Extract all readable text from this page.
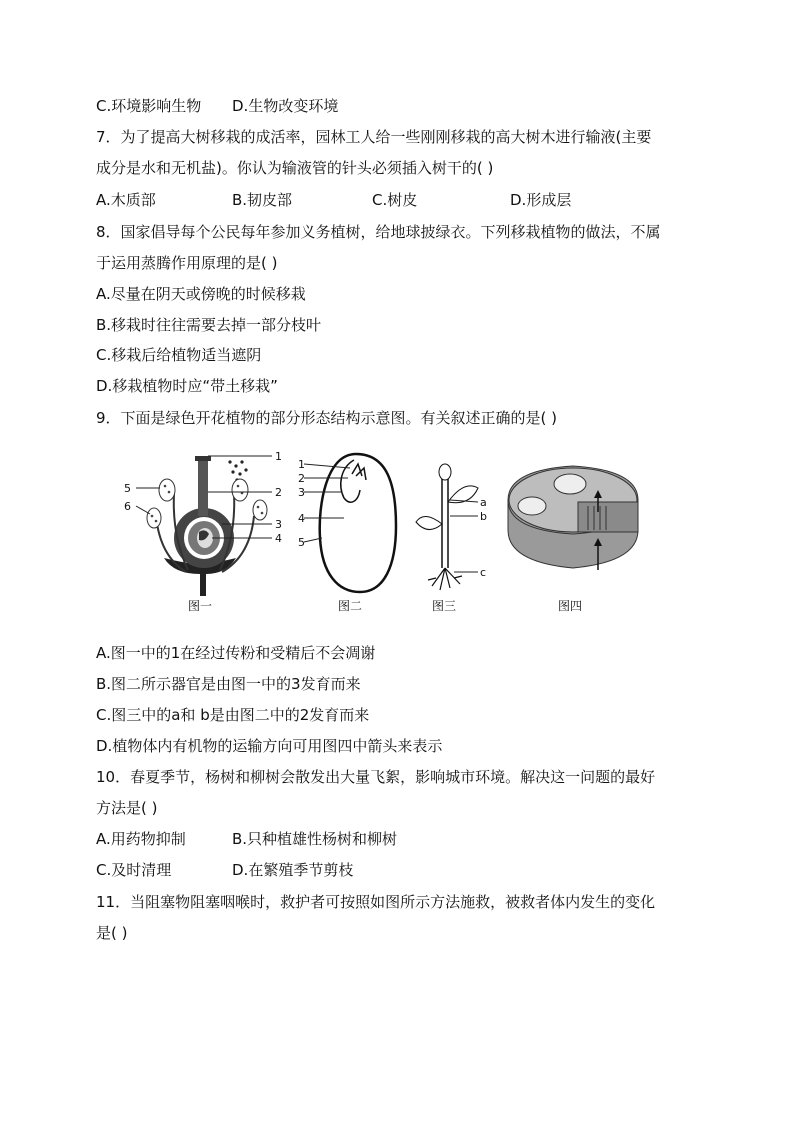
C.环境影响生物 D.生物改变环境
7．为了提高大树移栽的成活率，园林工人给一些刚刚移栽的高大树木进行输液(主要
成分是水和无机盐)。你认为输液管的针头必须插入树干的( )
A.木质部	B.韧皮部	C.树皮	D.形成层
8．国家倡导每个公民每年参加义务植树，给地球披绿衣。下列移栽植物的做法，不属
于运用蒸腾作用原理的是( )
A.尽量在阴天或傍晚的时候移栽
B.移栽时往往需要去掉一部分枝叶
C.移栽后给植物适当遮阴
D.移栽植物时应“带土移栽”
9．下面是绿色开花植物的部分形态结构示意图。有关叙述正确的是( )
1
2
3
4
5
6
图一
1
2
3
4
5
图二
a
b
c
图三	图四
A.图一中的1在经过传粉和受精后不会凋谢
B.图二所示器官是由图一中的3发育而来
C.图三中的a和 b是由图二中的2发育而来
D.植物体内有机物的运输方向可用图四中箭头来表示
10．春夏季节，杨树和柳树会散发出大量飞絮，影响城市环境。解决这一问题的最好
方法是( )
A.用药物抑制	B.只种植雄性杨树和柳树
C.及时清理	D.在繁殖季节剪枝
11．当阻塞物阻塞咽喉时，救护者可按照如图所示方法施救，被救者体内发生的变化
是( )
